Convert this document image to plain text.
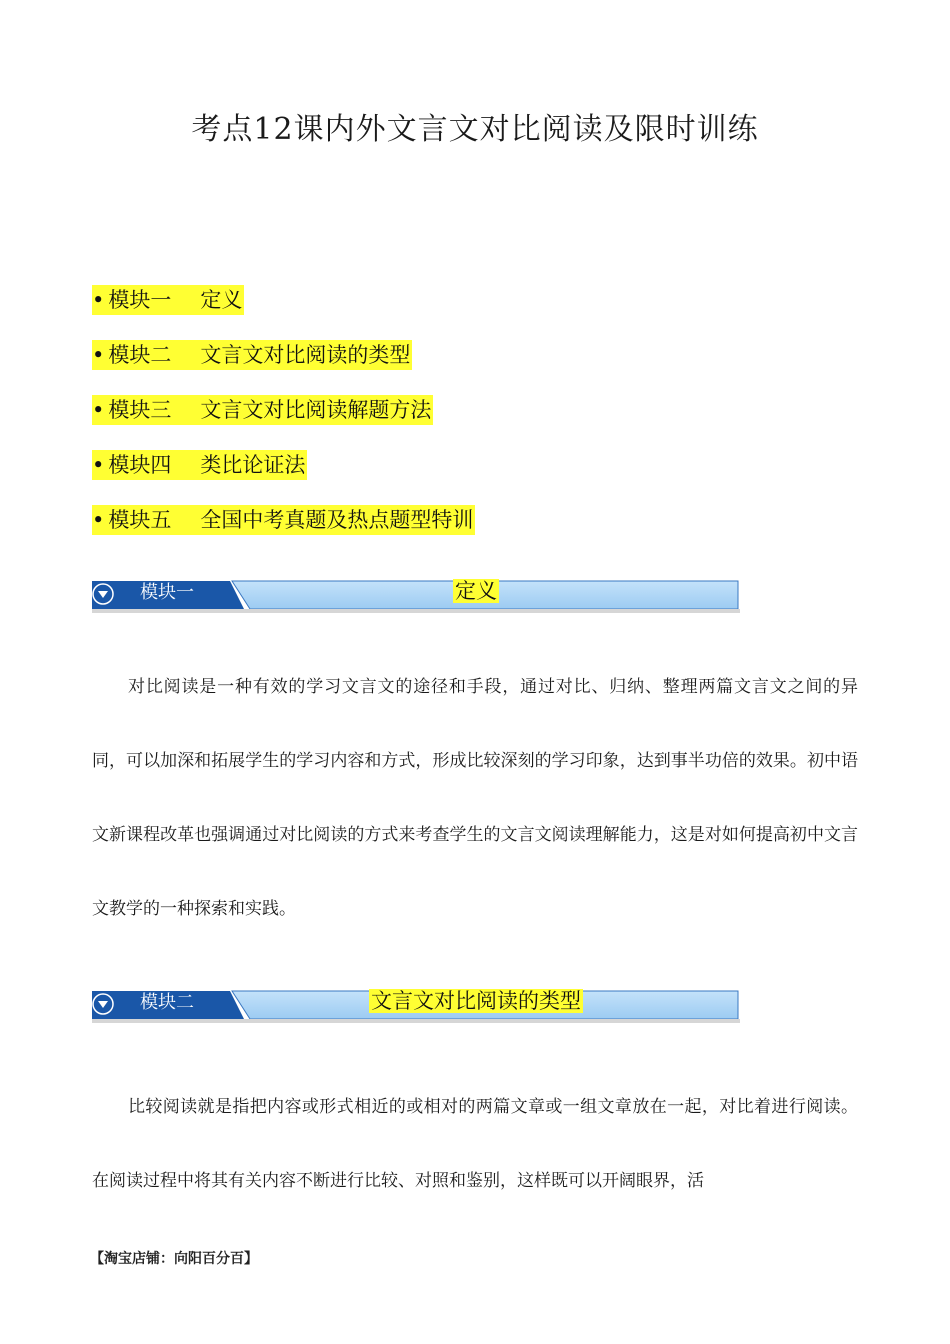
考点12课内外文言文对比阅读及限时训练
• 模块一	定义
• 模块二	文言文对比阅读的类型
• 模块三	文言文对比阅读解题方法
• 模块四	类比论证法
• 模块五	全国中考真题及热点题型特训
模块一	定义
对比阅读是一种有效的学习文言文的途径和手段，通过对比、归纳、整理两篇文言文之间的异同，可以加深和拓展学生的学习内容和方式，形成比较深刻的学习印象，达到事半功倍的效果。初中语文新课程改革也强调通过对比阅读的方式来考查学生的文言文阅读理解能力，这是对如何提高初中文言文教学的一种探索和实践。
模块二	文言文对比阅读的类型
比较阅读就是指把内容或形式相近的或相对的两篇文章或一组文章放在一起，对比着进行阅读。在阅读过程中将其有关内容不断进行比较、对照和鉴别，这样既可以开阔眼界，活
【淘宝店铺：向阳百分百】
